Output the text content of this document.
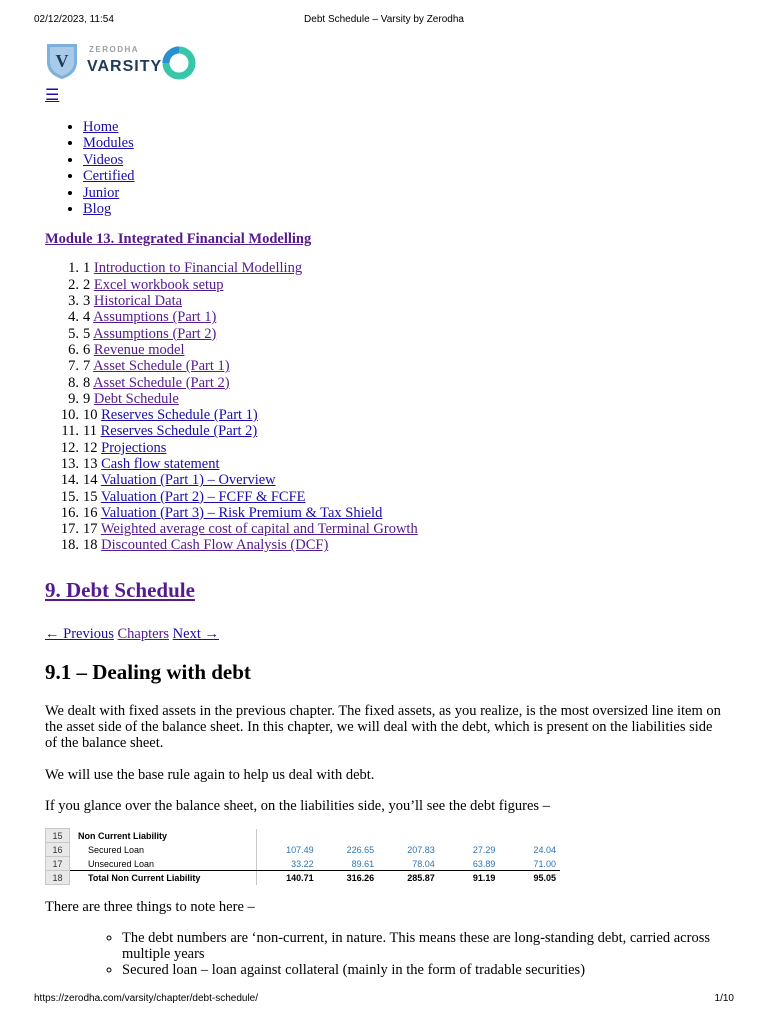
02/12/2023, 11:54	Debt Schedule – Varsity by Zerodha
V
ZERODHA
VARSITY
☰
• Home
• Modules
• Videos
• Certified
• Junior
• Blog
Module 13. Integrated Financial Modelling
1. 1 Introduction to Financial Modelling
2. 2 Excel workbook setup
3. 3 Historical Data
4. 4 Assumptions (Part 1)
5. 5 Assumptions (Part 2)
6. 6 Revenue model
7. 7 Asset Schedule (Part 1)
8. 8 Asset Schedule (Part 2)
9. 9 Debt Schedule
10. 10 Reserves Schedule (Part 1)
11. 11 Reserves Schedule (Part 2)
12. 12 Projections
13. 13 Cash flow statement
14. 14 Valuation (Part 1) – Overview
15. 15 Valuation (Part 2) – FCFF & FCFE
16. 16 Valuation (Part 3) – Risk Premium & Tax Shield
17. 17 Weighted average cost of capital and Terminal Growth
18. 18 Discounted Cash Flow Analysis (DCF)
9. Debt Schedule
← Previous Chapters Next →
9.1 – Dealing with debt

We dealt with fixed assets in the previous chapter. The fixed assets, as you realize, is the most oversized line item on the asset side of the balance sheet. In this chapter, we will deal with the debt, which is present on the liabilities side of the balance sheet.

We will use the base rule again to help us deal with debt.

If you glance over the balance sheet, on the liabilities side, you’ll see the debt figures –

15	Non Current Liability					
16	Secured Loan	107.49	226.65	207.83	27.29	24.04
17	Unsecured Loan	33.22	89.61	78.04	63.89	71.00
18	Total Non Current Liability	140.71	316.26	285.87	91.19	95.05

There are three things to note here –

◦ The debt numbers are ‘non-current, in nature. This means these are long-standing debt, carried across multiple years
◦ Secured loan – loan against collateral (mainly in the form of tradable securities)
https://zerodha.com/varsity/chapter/debt-schedule/	1/10
